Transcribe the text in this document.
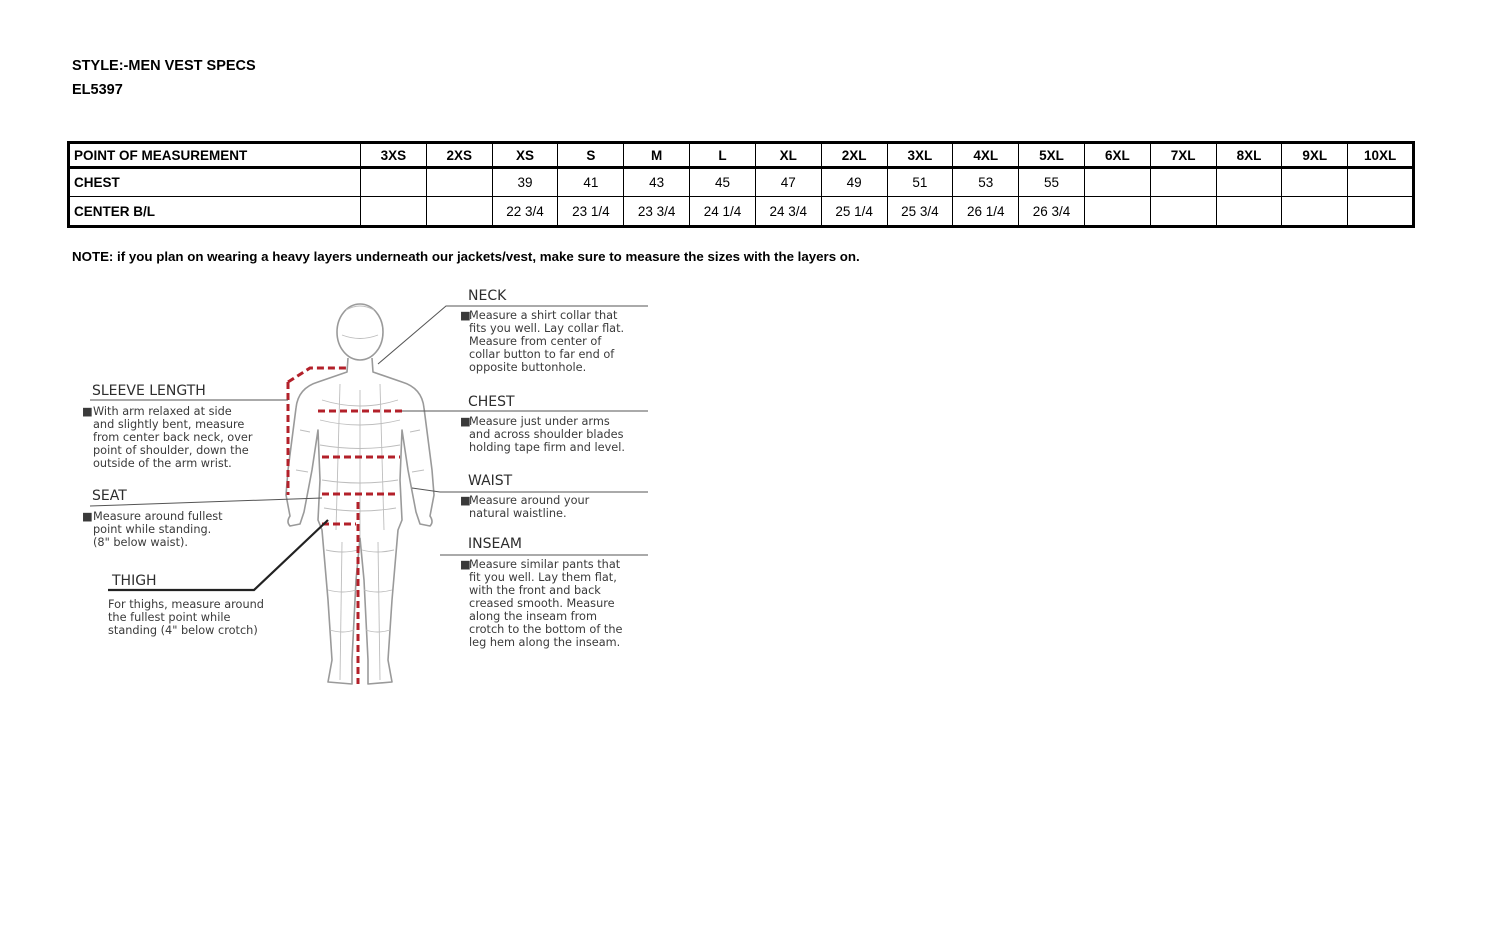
STYLE:-MEN VEST SPECS
EL5397
POINT OF MEASUREMENT	3XS	2XS	XS	S	M	L	XL	2XL	3XL	4XL	5XL	6XL	7XL	8XL	9XL	10XL
CHEST			39	41	43	45	47	49	51	53	55					
CENTER B/L			22 3/4	23 1/4	23 3/4	24 1/4	24 3/4	25 1/4	25 3/4	26 1/4	26 3/4					
NOTE: if you plan on wearing a heavy layers underneath our jackets/vest, make sure to measure the sizes with the layers on.
NECK
■
Measure a shirt collar that fits you well. Lay collar flat. Measure from center of collar button to far end of opposite buttonhole.
CHEST
■
Measure just under arms and across shoulder blades holding tape firm and level.
WAIST
■
Measure around your natural waistline.
INSEAM
■
Measure similar pants that fit you well. Lay them flat, with the front and back creased smooth. Measure along the inseam from crotch to the bottom of the leg hem along the inseam.
SLEEVE LENGTH
■ With arm relaxed at side and slightly bent, measure from center back neck, over point of shoulder, down the outside of the arm wrist.
SEAT
■ Measure around fullest point while standing. (8" below waist).
THIGH
For thighs, measure around the fullest point while standing (4" below crotch)
